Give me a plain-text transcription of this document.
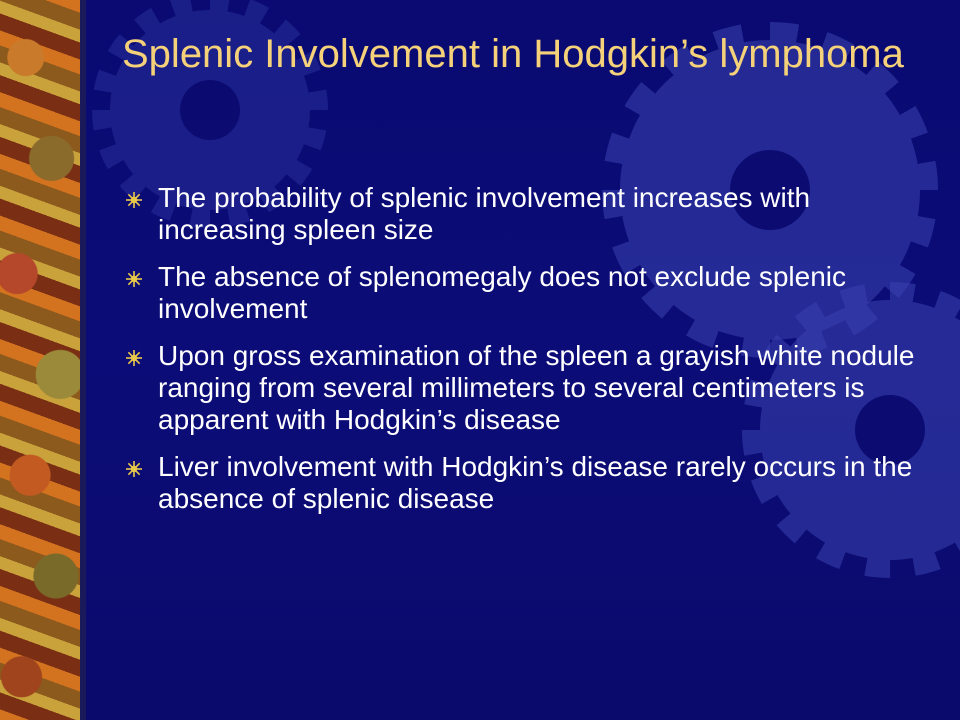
Splenic Involvement in Hodgkin’s lymphoma
The probability of splenic involvement increases with increasing spleen size
The absence of splenomegaly does not exclude splenic involvement
Upon gross examination of the spleen a grayish white nodule ranging from several millimeters to several centimeters is apparent with Hodgkin’s disease
Liver involvement with Hodgkin’s disease rarely occurs in the absence of splenic disease
